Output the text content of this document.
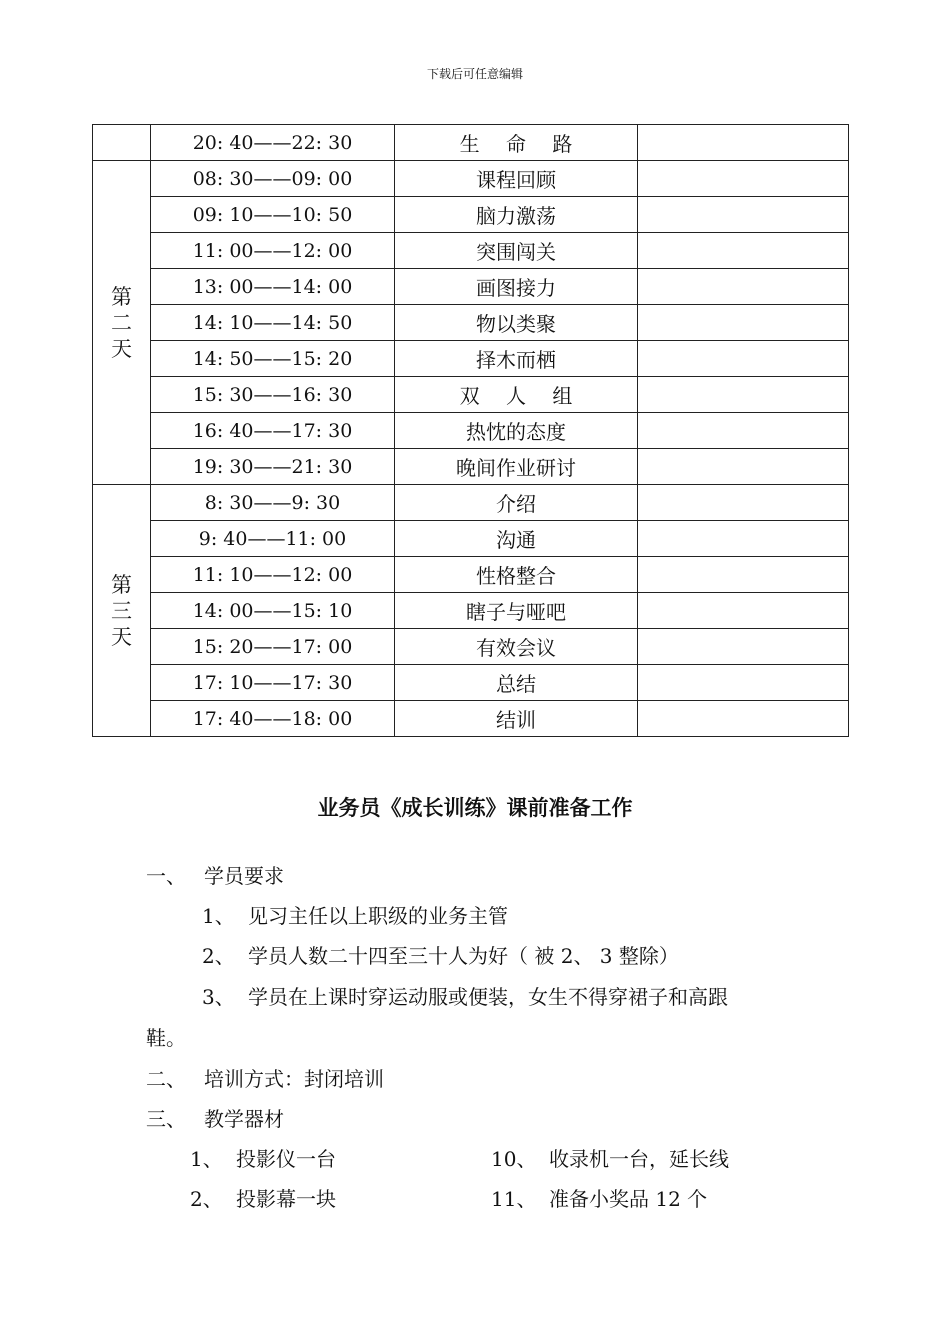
下载后可任意编辑
	20: 40——22: 30	生 命 路	
第二天	08: 30——09: 00	课程回顾	
	09: 10——10: 50	脑力激荡	
	11: 00——12: 00	突围闯关	
	13: 00——14: 00	画图接力	
	14: 10——14: 50	物以类聚	
	14: 50——15: 20	择木而栖	
	15: 30——16: 30	双 人 组	
	16: 40——17: 30	热忱的态度	
	19: 30——21: 30	晚间作业研讨	
第三天	8: 30——9: 30	介绍	
	9: 40——11: 00	沟通	
	11: 10——12: 00	性格整合	
	14: 00——15: 10	瞎子与哑吧	
	15: 20——17: 00	有效会议	
	17: 10——17: 30	总结	
	17: 40——18: 00	结训	
业务员《成长训练》课前准备工作
一、 学员要求
1、 见习主任以上职级的业务主管
2、 学员人数二十四至三十人为好（ 被 2、 3 整除）
3、 学员在上课时穿运动服或便装，女生不得穿裙子和高跟
鞋。
二、 培训方式：封闭培训
三、 教学器材
1、 投影仪一台
2、 投影幕一块
10、 收录机一台，延长线
11、 准备小奖品 12 个
